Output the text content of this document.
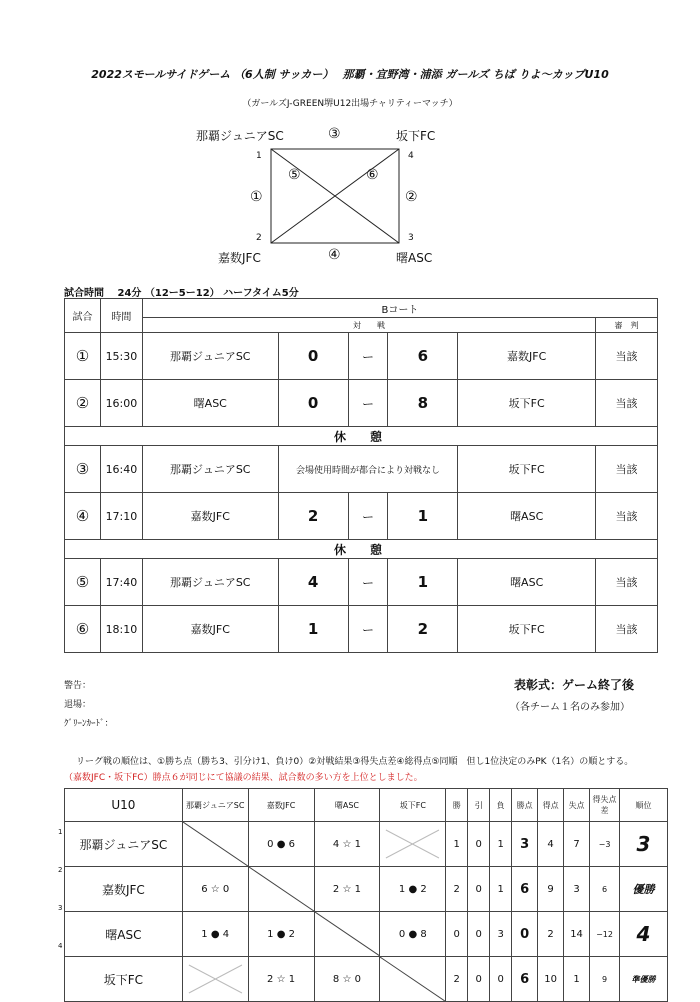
2022スモールサイドゲーム （6人制 サッカー）　 那覇・宜野湾・浦添 ガールズ ちば りよ～カップU10
（ガールズJ-GREEN堺U12出場チャリティーマッチ）
那覇ジュニアSC	坂下FC
嘉数JFC	曙ASC
1
2	3
4
③
④
①	②
⑤	⑥
試合時間　 24分 （12ー5ー12） ハーフタイム5分
試合	時間	Bコート					
		対　　戦					審　判
①	15:30	那覇ジュニアSC	0	ー	6	嘉数JFC	当該
②	16:00	曙ASC	0	ー	8	坂下FC	当該
休　憩							
③	16:40	那覇ジュニアSC	会場使用時間が都合により対戦なし			坂下FC	当該
④	17:10	嘉数JFC	2	ー	1	曙ASC	当該
休　憩							
⑤	17:40	那覇ジュニアSC	4	ー	1	曙ASC	当該
⑥	18:10	嘉数JFC	1	ー	2	坂下FC	当該
警告：
退場：
ｸﾞﾘｰﾝｶｰﾄﾞ：
表彰式：ゲーム終了後
（各チーム１名のみ参加）
リーグ戦の順位は、①勝ち点（勝ち3、引分け1、負け0）②対戦結果③得失点差④総得点⑤同順　但し1位決定のみPK（1名）の順とする。
（嘉数JFC・坂下FC）勝点６が同じにて協議の結果、試合数の多い方を上位としました。
1
2
3
4
U10	那覇ジュニアSC	嘉数JFC	曙ASC	坂下FC	勝	引	負	勝点	得点	失点	得失点差	順位
那覇ジュニアSC		0 ● 6	4 ☆ 1		1	0	1	3	4	7	−3	3
嘉数JFC	6 ☆ 0		2 ☆ 1	1 ● 2	2	0	1	6	9	3	6	優勝
曙ASC	1 ● 4	1 ● 2		0 ● 8	0	0	3	0	2	14	−12	4
坂下FC		2 ☆ 1	8 ☆ 0		2	0	0	6	10	1	9	準優勝
